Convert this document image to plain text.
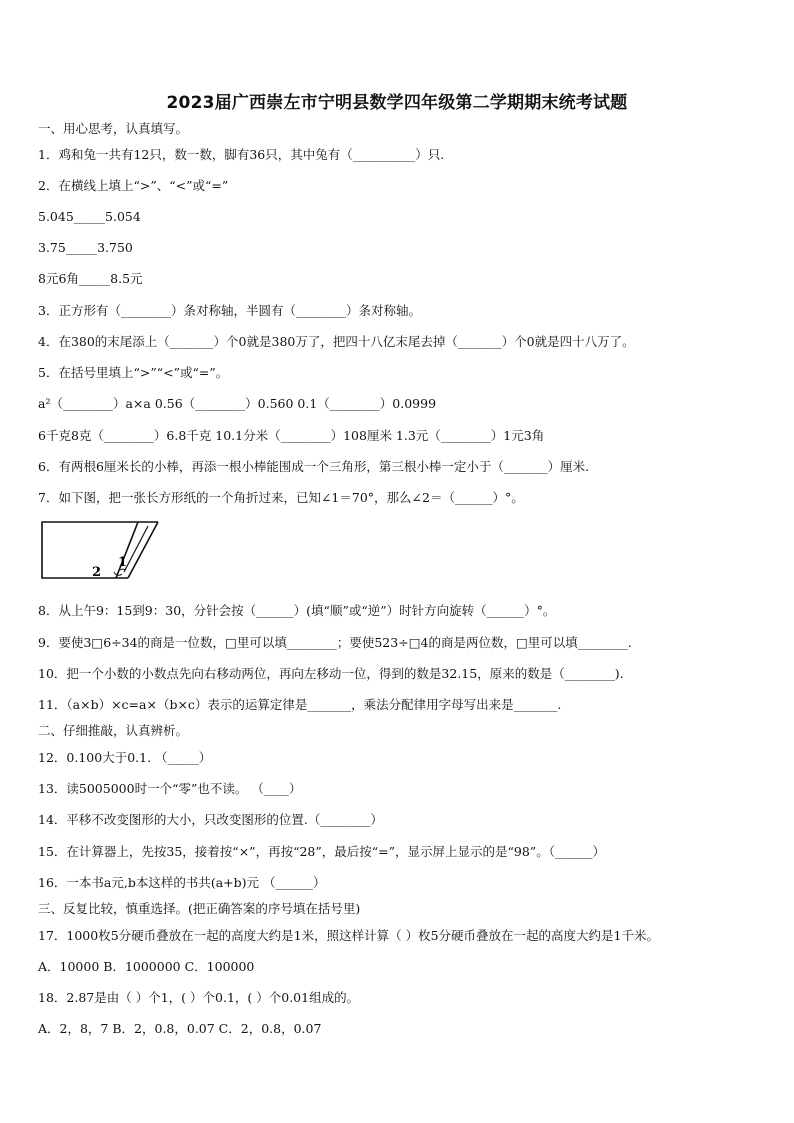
2023届广西崇左市宁明县数学四年级第二学期期末统考试题
一、用心思考，认真填写。
1．鸡和兔一共有12只，数一数，脚有36只，其中兔有（__________）只.
2．在横线上填上“>”、“<”或“=”
5.045_____5.054
3.75_____3.750
8元6角_____8.5元
3．正方形有（________）条对称轴，半圆有（________）条对称轴。
4．在380的末尾添上（_______）个0就是380万了，把四十八亿末尾去掉（_______）个0就是四十八万了。
5．在括号里填上“>”“<”或“=”。
a²（________）a×a 0.56（________）0.560 0.1（________）0.0999
6千克8克（________）6.8千克 10.1分米（________）108厘米 1.3元（________）1元3角
6．有两根6厘米长的小棒，再添一根小棒能围成一个三角形，第三根小棒一定小于（_______）厘米.
7．如下图，把一张长方形纸的一个角折过来，已知∠1＝70°，那么∠2＝（______）°。
8．从上午9：15到9：30，分针会按（______）(填“顺”或“逆”）时针方向旋转（______）°。
9．要使3□6÷34的商是一位数，□里可以填________；要使523÷□4的商是两位数，□里可以填________.
10．把一个小数的小数点先向右移动两位，再向左移动一位，得到的数是32.15，原来的数是（________).
11．（a×b）×c=a×（b×c）表示的运算定律是_______，乘法分配律用字母写出来是_______.
二、仔细推敲，认真辨析。
12．0.100大于0.1. （_____）
13．读5005000时一个“零”也不读。 （____）
14．平移不改变图形的大小，只改变图形的位置.（________）
15．在计算器上，先按35，接着按“×”，再按“28”，最后按“=”，显示屏上显示的是“98”。（______）
16．一本书a元,b本这样的书共(a+b)元 （______）
三、反复比较，慎重选择。(把正确答案的序号填在括号里)
17．1000枚5分硬币叠放在一起的高度大约是1米，照这样计算（ ）枚5分硬币叠放在一起的高度大约是1千米。
A．10000 B．1000000 C．100000
18．2.87是由（ ）个1，( ）个0.1，( ）个0.01组成的。
A．2，8，7 B．2，0.8，0.07 C．2，0.8，0.07
2
1
